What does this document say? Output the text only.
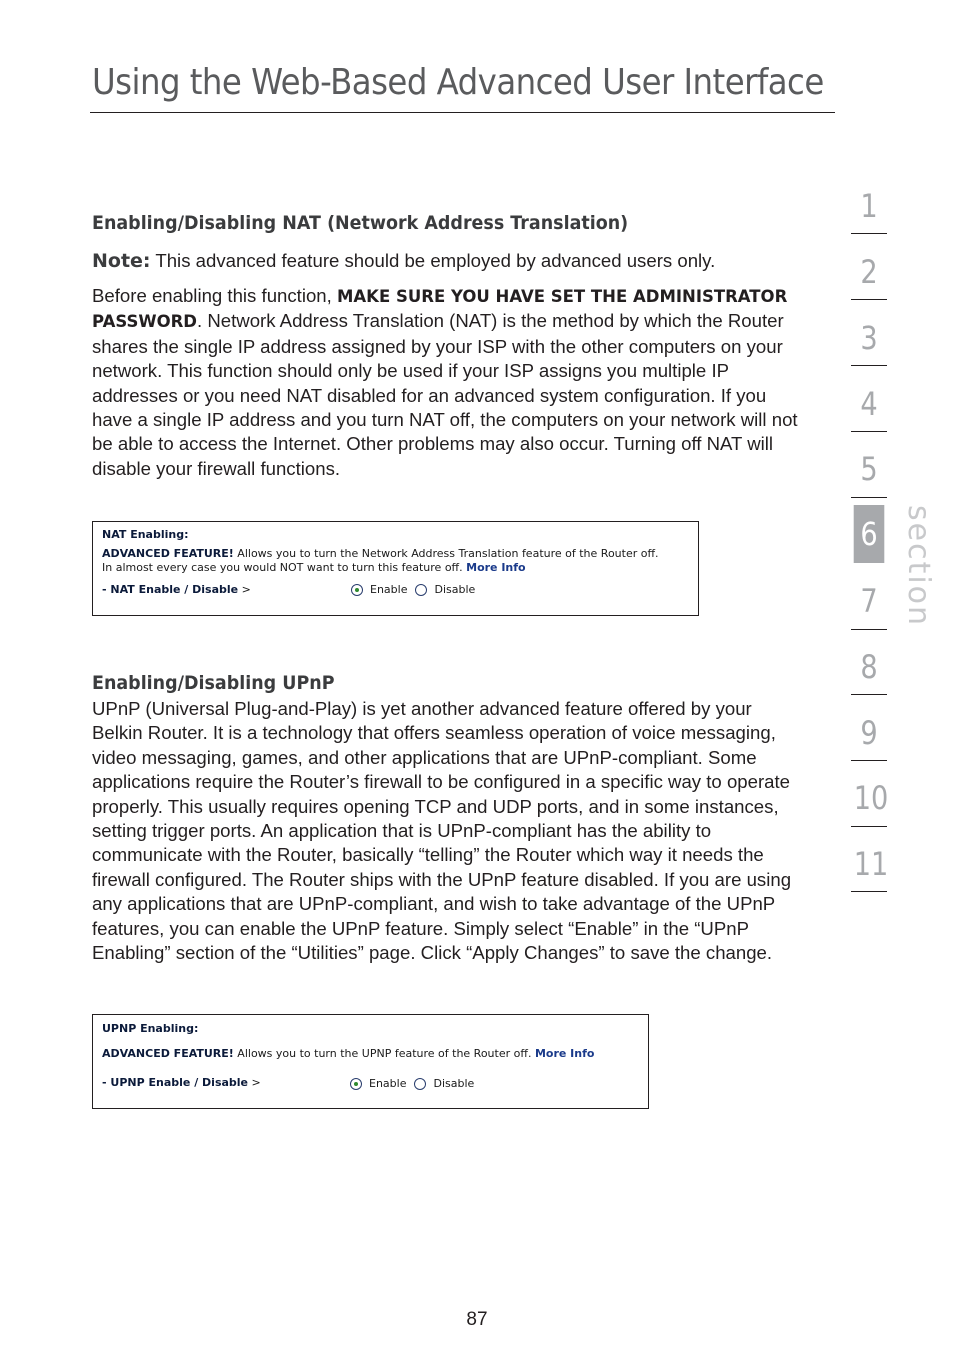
Using the Web-Based Advanced User Interface
Enabling/Disabling NAT (Network Address Translation)

Note: This advanced feature should be employed by advanced users only.

Before enabling this function, MAKE SURE YOU HAVE SET THE ADMINISTRATOR PASSWORD. Network Address Translation (NAT) is the method by which the Router shares the single IP address assigned by your ISP with the other computers on your network. This function should only be used if your ISP assigns you multiple IP addresses or you need NAT disabled for an advanced system configuration. If you have a single IP address and you turn NAT off, the computers on your network will not be able to access the Internet. Other problems may also occur. Turning off NAT will disable your firewall functions.

NAT Enabling:
ADVANCED FEATURE! Allows you to turn the Network Address Translation feature of the Router off.
In almost every case you would NOT want to turn this feature off. More Info
- NAT Enable / Disable >	Enable Disable
Enabling/Disabling UPnP

UPnP (Universal Plug-and-Play) is yet another advanced feature offered by your Belkin Router. It is a technology that offers seamless operation of voice messaging, video messaging, games, and other applications that are UPnP-compliant. Some applications require the Router’s firewall to be configured in a specific way to operate properly. This usually requires opening TCP and UDP ports, and in some instances, setting trigger ports. An application that is UPnP-compliant has the ability to communicate with the Router, basically “telling” the Router which way it needs the firewall configured. The Router ships with the UPnP feature disabled. If you are using any applications that are UPnP-compliant, and wish to take advantage of the UPnP features, you can enable the UPnP feature. Simply select “Enable” in the “UPnP Enabling” section of the “Utilities” page. Click “Apply Changes” to save the change.

UPNP Enabling:
ADVANCED FEATURE! Allows you to turn the UPNP feature of the Router off. More Info
- UPNP Enable / Disable >	Enable Disable
1
2
3
4
5
6
7
8
9
10
11
section
87
